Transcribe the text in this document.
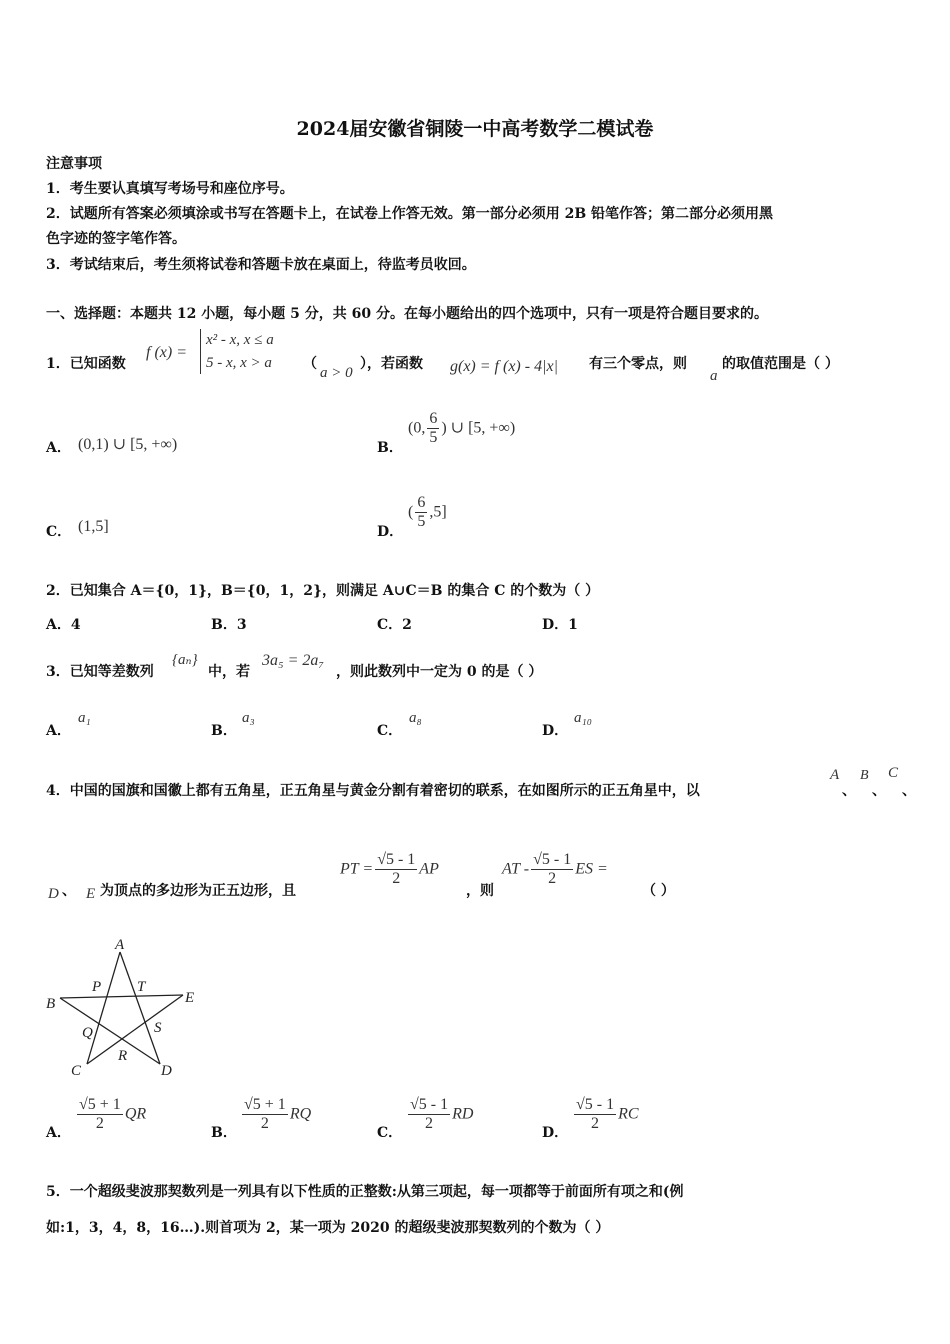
2024届安徽省铜陵一中高考数学二模试卷
注意事项
1．考生要认真填写考场号和座位序号。
2．试题所有答案必须填涂或书写在答题卡上，在试卷上作答无效。第一部分必须用 2B 铅笔作答；第二部分必须用黑
色字迹的签字笔作答。
3．考试结束后，考生须将试卷和答题卡放在桌面上，待监考员收回。
一、选择题：本题共 12 小题，每小题 5 分，共 60 分。在每小题给出的四个选项中，只有一项是符合题目要求的。
1．已知函数
f (x) =
x² - x, x ≤ a
5 - x, x > a （
a > 0
），若函数 g(x) = f (x) - 4|x| 有三个零点，则
a
的取值范围是（ ）
A． (0,1) ∪ [5, +∞)	B．
(0, $\frac{6}{5}$ ) ∪ [5, +∞)
C． (1,5]	D．
( $\frac{6}{5} ,5$]
2．已知集合 A＝{0，1}，B＝{0，1，2}，则满足 A∪C＝B 的集合 C 的个数为（ ）
A．4	B．3	C．2	D．1
3．已知等差数列
{aₙ}
中，若
3a₅ = 2a₇
，则此数列中一定为 0 的是（ ）
A．
a₁
B．
a₃
C．
a₈
D．
a₁₀
4．中国的国旗和国徽上都有五角星，正五角星与黄金分割有着密切的联系，在如图所示的正五角星中，以
A
、
B
、
C
、
D 、 E 为顶点的多边形为正五边形，且
PT = $\frac{√5 - 1}{2}$ AP
，则
AT - $\frac{√5 - 1}{2}$ ES =
（ ）
A
B
C	D
E
P T
Q	S
R
A． $\frac{√5 + 1}{2}$ QR
B． $\frac{√5 + 1}{2}$ RQ
C． $\frac{√5 - 1}{2}$ RD
D． $\frac{√5 - 1}{2}$ RC
5．一个超级斐波那契数列是一列具有以下性质的正整数:从第三项起，每一项都等于前面所有项之和(例
如:1，3，4，8，16…).则首项为 2，某一项为 2020 的超级斐波那契数列的个数为（ ）
